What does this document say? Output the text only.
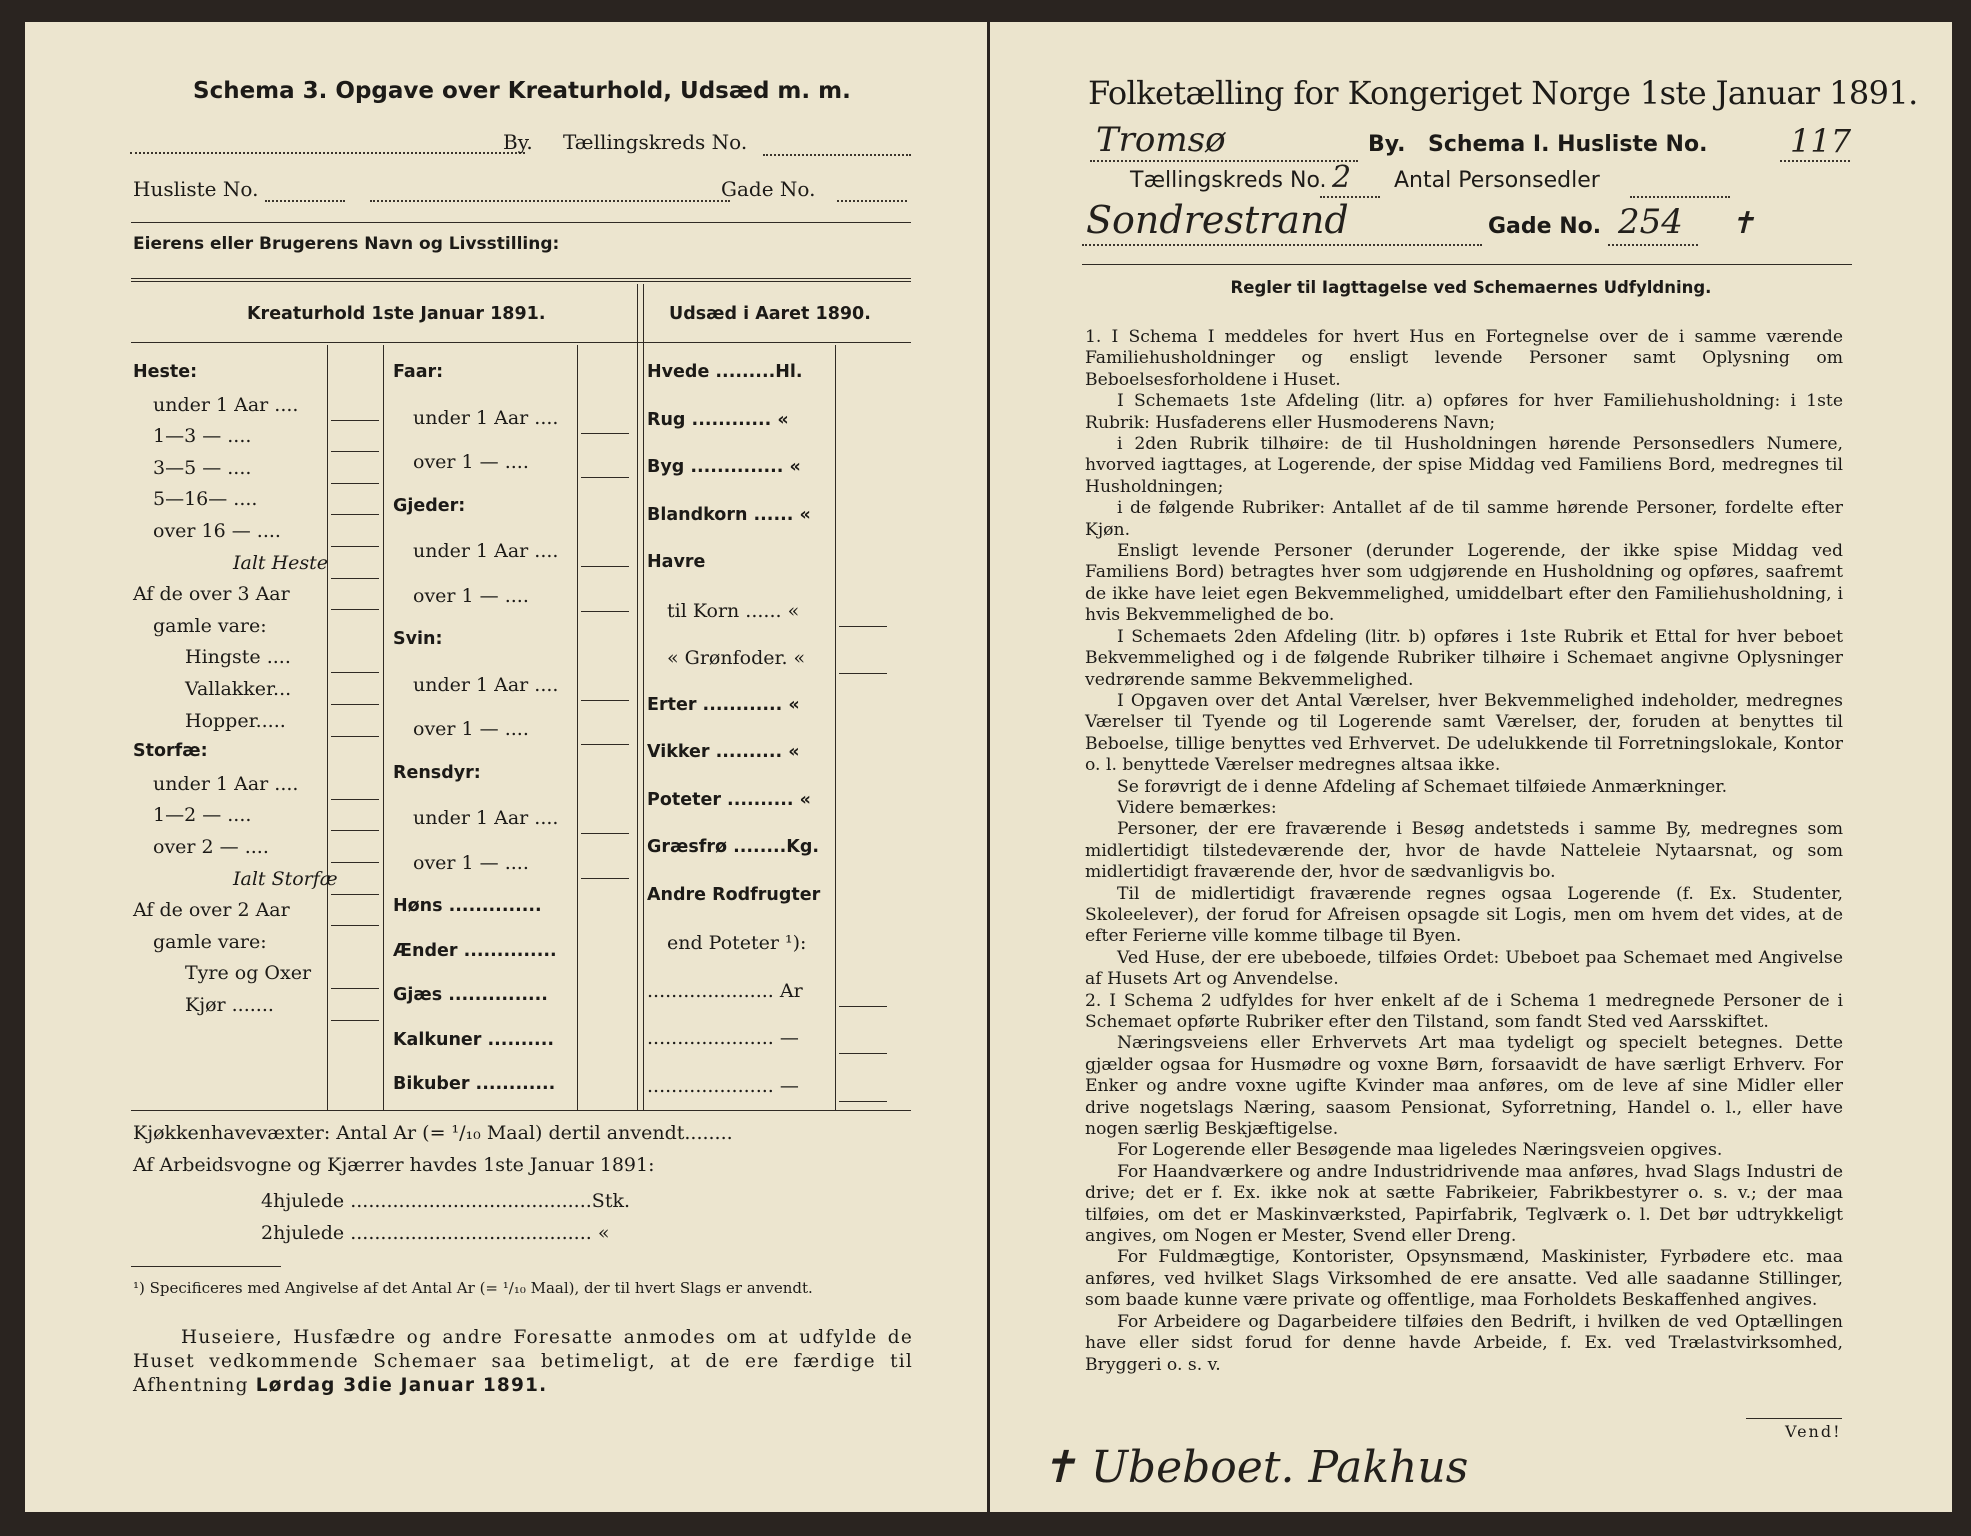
Schema 3. Opgave over Kreaturhold, Udsæd m. m.
By. Tællingskreds No.
Husliste No.	Gade No.
Eierens eller Brugerens Navn og Livsstilling:
Kreaturhold 1ste Januar 1891.	Udsæd i Aaret 1890.
Heste:
under 1 Aar ....
1—3 — ....
3—5 — ....
5—16— ....
over 16 — ....
Ialt Heste
Af de over 3 Aar
gamle vare:
Hingste ....
Vallakker...
Hopper.....
Storfæ:
under 1 Aar ....
1—2 — ....
over 2 — ....
Ialt Storfæ
Af de over 2 Aar
gamle vare:
Tyre og Oxer
Kjør .......
Faar:
under 1 Aar ....
over 1 — ....
Gjeder:
under 1 Aar ....
over 1 — ....
Svin:
under 1 Aar ....
over 1 — ....
Rensdyr:
under 1 Aar ....
over 1 — ....
Høns ..............
Ænder ..............
Gjæs ...............
Kalkuner ..........
Bikuber ............
Hvede .........Hl.
Rug ............ «
Byg .............. «
Blandkorn ...... «
Havre
til Korn ...... «
« Grønfoder. «
Erter ............ «
Vikker .......... «
Poteter .......... «
Græsfrø ........Kg.
Andre Rodfrugter
end Poteter ¹):
..................... Ar
..................... —
..................... —
Kjøkkenhavevæxter: Antal Ar (= ¹/₁₀ Maal) dertil anvendt........
Af Arbeidsvogne og Kjærrer havdes 1ste Januar 1891:
4hjulede ........................................Stk.
2hjulede ........................................ «
¹) Specificeres med Angivelse af det Antal Ar (= ¹/₁₀ Maal), der til hvert Slags er anvendt.
Huseiere, Husfædre og andre Foresatte anmodes om at udfylde de Huset vedkommende Schemaer saa betimeligt, at de ere færdige til Afhentning Lørdag 3die Januar 1891.
Folketælling for Kongeriget Norge 1ste Januar 1891.
Tromsø	By. Schema I. Husliste No.	117
Tællingskreds No. 2 Antal Personsedler
Sondrestrand	Gade No. 254 ✝
Regler til Iagttagelse ved Schemaernes Udfyldning.

1. I Schema I meddeles for hvert Hus en Fortegnelse over de i samme værende Familiehusholdninger og ensligt levende Personer samt Oplysning om Beboelsesforholdene i Huset.

I Schemaets 1ste Afdeling (litr. a) opføres for hver Familiehusholdning: i 1ste Rubrik: Husfaderens eller Husmoderens Navn;

i 2den Rubrik tilhøire: de til Husholdningen hørende Personsedlers Numere, hvorved iagttages, at Logerende, der spise Middag ved Familiens Bord, medregnes til Husholdningen;

i de følgende Rubriker: Antallet af de til samme hørende Personer, fordelte efter Kjøn.

Ensligt levende Personer (derunder Logerende, der ikke spise Middag ved Familiens Bord) betragtes hver som udgjørende en Husholdning og opføres, saafremt de ikke have leiet egen Bekvemmelighed, umiddelbart efter den Familiehusholdning, i hvis Bekvemmelighed de bo.

I Schemaets 2den Afdeling (litr. b) opføres i 1ste Rubrik et Ettal for hver beboet Bekvemmelighed og i de følgende Rubriker tilhøire i Schemaet angivne Oplysninger vedrørende samme Bekvemmelighed.

I Opgaven over det Antal Værelser, hver Bekvemmelighed indeholder, medregnes Værelser til Tyende og til Logerende samt Værelser, der, foruden at benyttes til Beboelse, tillige benyttes ved Erhvervet. De udelukkende til Forretningslokale, Kontor o. l. benyttede Værelser medregnes altsaa ikke.

Se forøvrigt de i denne Afdeling af Schemaet tilføiede Anmærkninger.

Videre bemærkes:

Personer, der ere fraværende i Besøg andetsteds i samme By, medregnes som midlertidigt tilstedeværende der, hvor de havde Natteleie Nytaarsnat, og som midlertidigt fraværende der, hvor de sædvanligvis bo.

Til de midlertidigt fraværende regnes ogsaa Logerende (f. Ex. Studenter, Skoleelever), der forud for Afreisen opsagde sit Logis, men om hvem det vides, at de efter Ferierne ville komme tilbage til Byen.

Ved Huse, der ere ubeboede, tilføies Ordet: Ubeboet paa Schemaet med Angivelse af Husets Art og Anvendelse.

2. I Schema 2 udfyldes for hver enkelt af de i Schema 1 medregnede Personer de i Schemaet opførte Rubriker efter den Tilstand, som fandt Sted ved Aarsskiftet.

Næringsveiens eller Erhvervets Art maa tydeligt og specielt betegnes. Dette gjælder ogsaa for Husmødre og voxne Børn, forsaavidt de have særligt Erhverv. For Enker og andre voxne ugifte Kvinder maa anføres, om de leve af sine Midler eller drive nogetslags Næring, saasom Pensionat, Syforretning, Handel o. l., eller have nogen særlig Beskjæftigelse.

For Logerende eller Besøgende maa ligeledes Næringsveien opgives.

For Haandværkere og andre Industridrivende maa anføres, hvad Slags Industri de drive; det er f. Ex. ikke nok at sætte Fabrikeier, Fabrikbestyrer o. s. v.; der maa tilføies, om det er Maskinværksted, Papirfabrik, Teglværk o. l. Det bør udtrykkeligt angives, om Nogen er Mester, Svend eller Dreng.

For Fuldmægtige, Kontorister, Opsynsmænd, Maskinister, Fyrbødere etc. maa anføres, ved hvilket Slags Virksomhed de ere ansatte. Ved alle saadanne Stillinger, som baade kunne være private og offentlige, maa Forholdets Beskaffenhed angives.

For Arbeidere og Dagarbeidere tilføies den Bedrift, i hvilken de ved Optællingen have eller sidst forud for denne havde Arbeide, f. Ex. ved Trælastvirksomhed, Bryggeri o. s. v.

Vend!
✝ Ubeboet. Pakhus
